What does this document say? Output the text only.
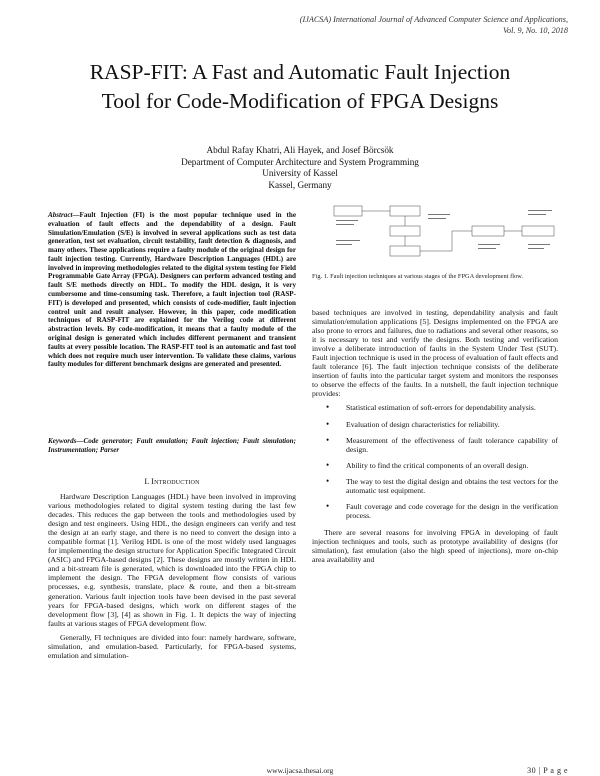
(IJACSA) International Journal of Advanced Computer Science and Applications,
Vol. 9, No. 10, 2018
RASP-FIT: A Fast and Automatic Fault Injection
Tool for Code-Modification of FPGA Designs
Abdul Rafay Khatri, Ali Hayek, and Josef Börcsök
Department of Computer Architecture and System Programming
University of Kassel
Kassel, Germany
Abstract—Fault Injection (FI) is the most popular technique used in the evaluation of fault effects and the dependability of a design. Fault Simulation/Emulation (S/E) is involved in several applications such as test data generation, test set evaluation, circuit testability, fault detection & diagnosis, and many others. These applications require a faulty module of the original design for fault injection testing. Currently, Hardware Description Languages (HDL) are involved in improving methodologies related to the digital system testing for Field Programmable Gate Array (FPGA). Designers can perform advanced testing and fault S/E methods directly on HDL. To modify the HDL design, it is very cumbersome and time-consuming task. Therefore, a fault injection tool (RASP-FIT) is developed and presented, which consists of code-modifier, fault injection control unit and result analyser. However, in this paper, code modification techniques of RASP-FIT are explained for the Verilog code at different abstraction levels. By code-modification, it means that a faulty module of the original design is generated which includes different permanent and transient faults at every possible location. The RASP-FIT tool is an automatic and fast tool which does not require much user intervention. To validate these claims, various faulty modules for different benchmark designs are generated and presented.
Keywords—Code generator; Fault emulation; Fault injection; Fault simulation; Instrumentation; Parser
I. Introduction

Hardware Description Languages (HDL) have been involved in improving various methodologies related to digital system testing during the last few decades. This reduces the gap between the tools and methodologies used by design and test engineers. Using HDL, the design engineers can verify and test the design at an early stage, and there is no need to convert the design into a compatible format [1]. Verilog HDL is one of the most widely used languages for implementing the design structure for Application Specific Integrated Circuit (ASIC) and FPGA-based designs [2]. These designs are mostly written in HDL and a bit-stream file is generated, which is downloaded into the FPGA chip to implement the design. The FPGA development flow consists of various processes, e.g. synthesis, translate, place & route, and then a bit-stream generation. Various fault injection tools have been devised in the past several years for FPGA-based designs, which work on different stages of the development flow [3], [4] as shown in Fig. 1. It depicts the way of injecting faults at various stages of FPGA development flow.

Generally, FI techniques are divided into four: namely hardware, software, simulation, and emulation-based. Particularly, for FPGA-based systems, emulation and simulation-

Fig. 1. Fault injection techniques at various stages of the FPGA development flow.

based techniques are involved in testing, dependability analysis and fault simulation/emulation applications [5]. Designs implemented on the FPGA are also prone to errors and failures, due to radiations and several other reasons, so it is necessary to test and verify the designs. Both testing and verification involve a deliberate introduction of faults in the System Under Test (SUT). Fault injection technique is used in the process of evaluation of fault effects and fault tolerance [6]. The fault injection technique consists of the deliberate insertion of faults into the particular target system and monitors the responses to observe the effects of the faults. In a nutshell, the fault injection technique provides:

• Statistical estimation of soft-errors for dependability analysis.
• Evaluation of design characteristics for reliability.
• Measurement of the effectiveness of fault tolerance capability of design.
• Ability to find the critical components of an overall design.
• The way to test the digital design and obtains the test vectors for the automatic test equipment.
• Fault coverage and code coverage for the design in the verification process.

There are several reasons for involving FPGA in developing of fault injection techniques and tools, such as prototype availability of designs (for simulation), fast emulation (also the high speed of injections), more on-chip area availability and

www.ijacsa.thesai.org	30 | P a g e
